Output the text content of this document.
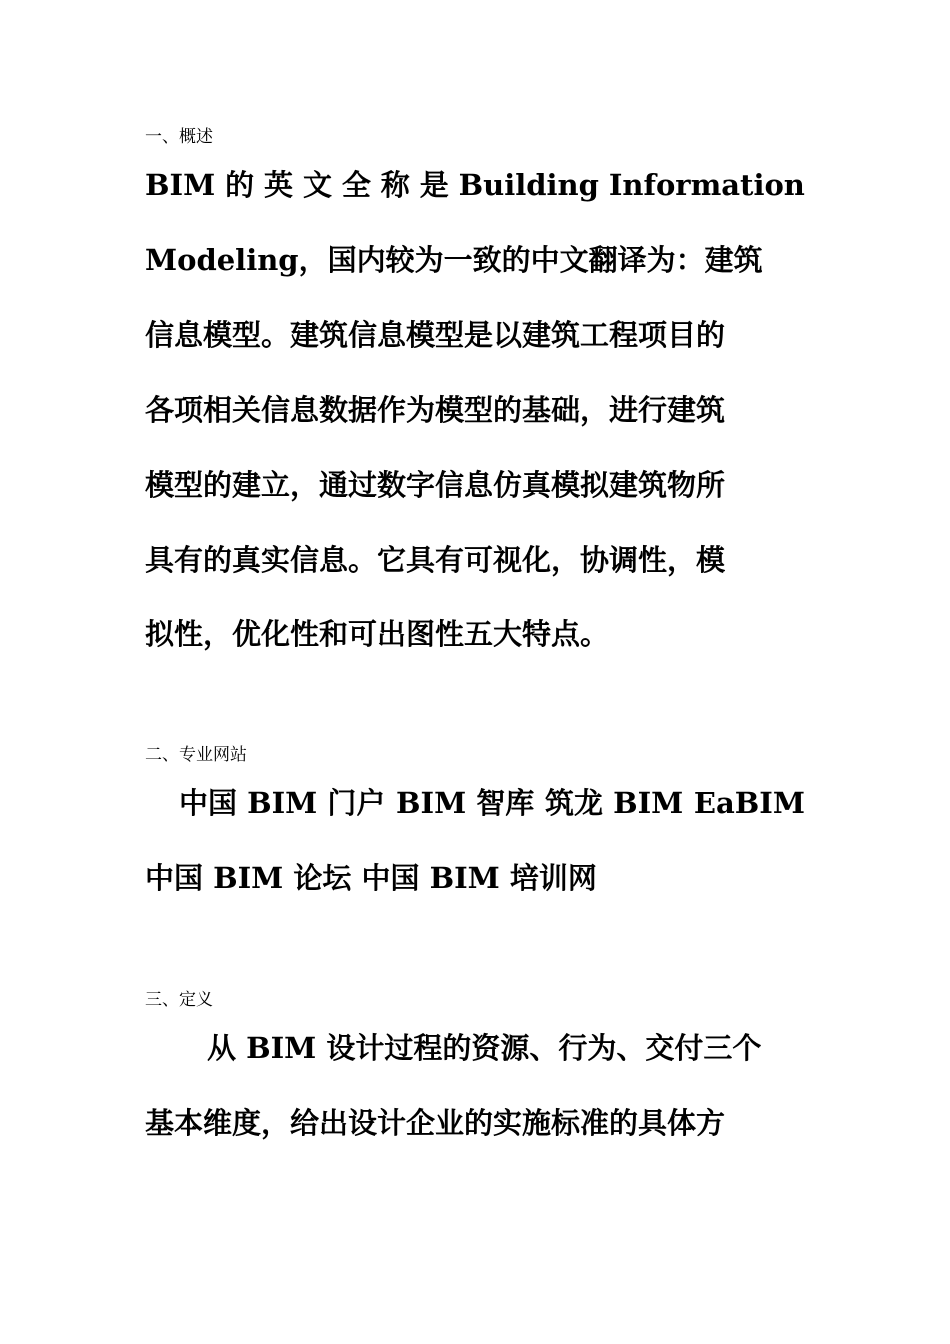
一、概述
BIM 的 英 文 全 称 是 Building Information

Modeling，国内较为一致的中文翻译为：建筑

信息模型。建筑信息模型是以建筑工程项目的

各项相关信息数据作为模型的基础，进行建筑

模型的建立，通过数字信息仿真模拟建筑物所

具有的真实信息。它具有可视化，协调性，模

拟性，优化性和可出图性五大特点。

二、专业网站
中国 BIM 门户 BIM 智库 筑龙 BIM EaBIM

中国 BIM 论坛 中国 BIM 培训网

三、定义

从 BIM 设计过程的资源、行为、交付三个

基本维度，给出设计企业的实施标准的具体方
